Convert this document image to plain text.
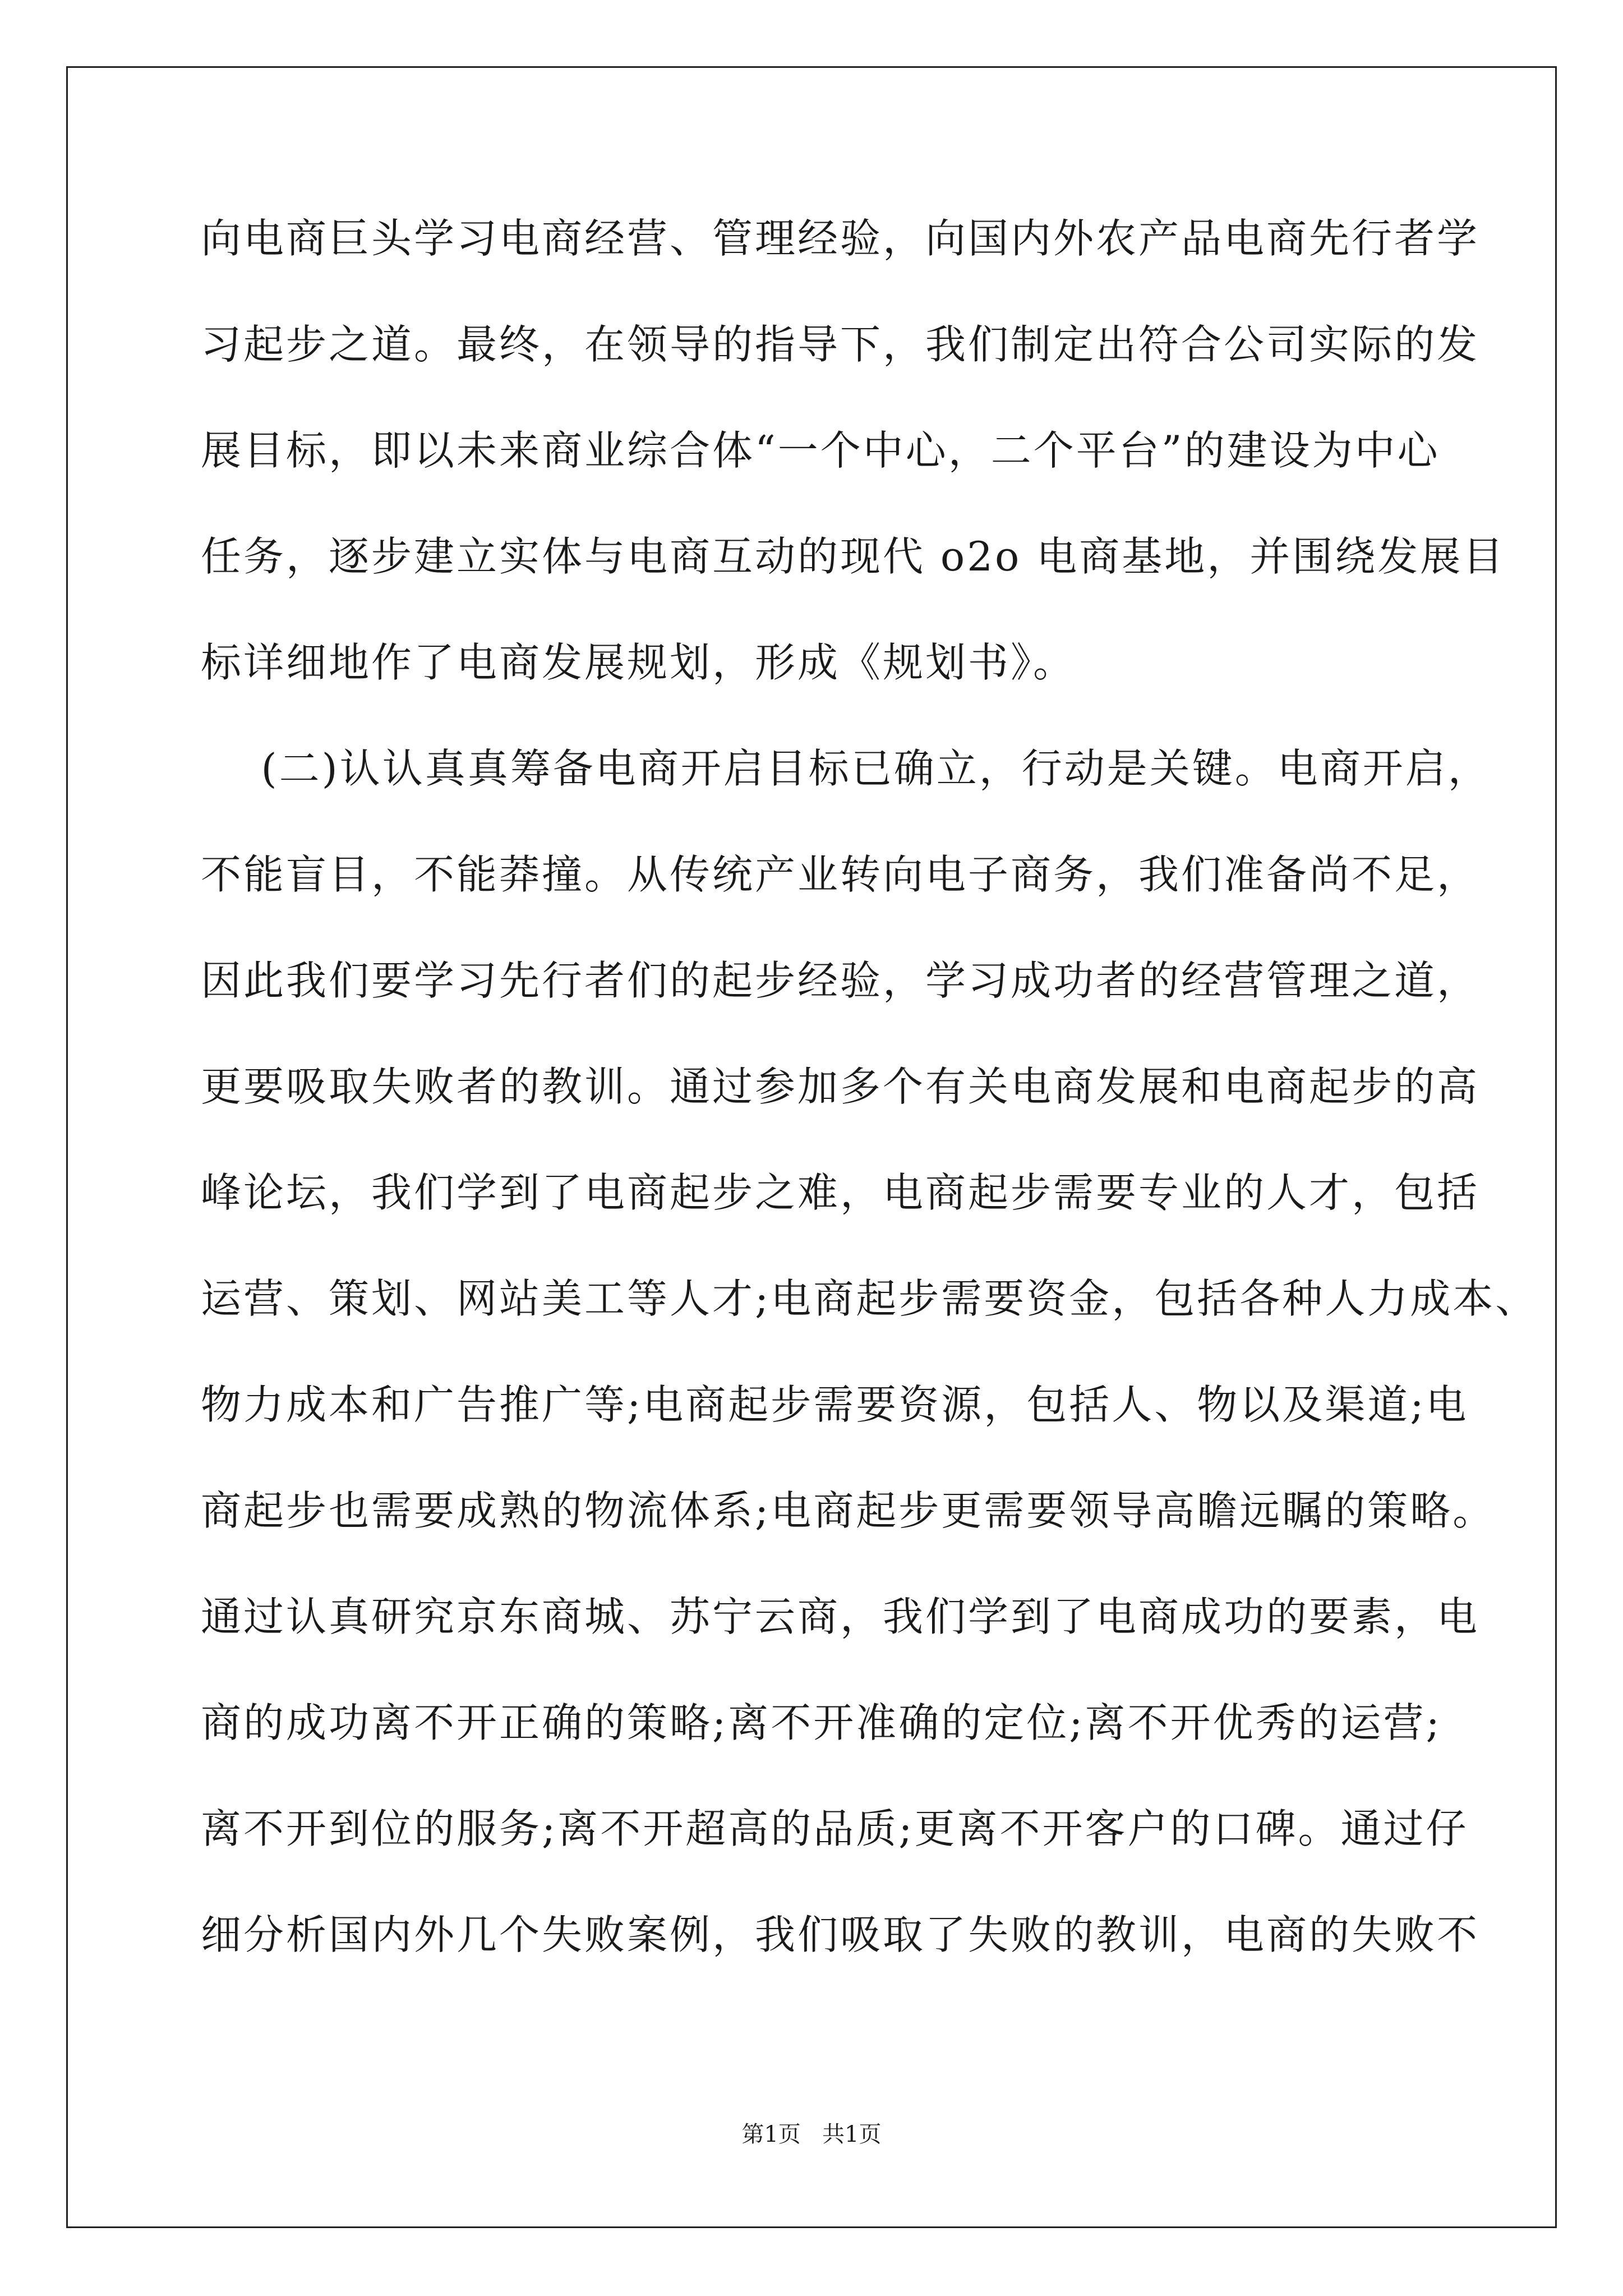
向电商巨头学习电商经营、管理经验，向国内外农产品电商先行者学
习起步之道。最终，在领导的指导下，我们制定出符合公司实际的发
展目标，即以未来商业综合体“一个中心，二个平台”的建设为中心
任务，逐步建立实体与电商互动的现代 o2o 电商基地，并围绕发展目
标详细地作了电商发展规划，形成《规划书》。
(二)认认真真筹备电商开启目标已确立，行动是关键。电商开启，
不能盲目，不能莽撞。从传统产业转向电子商务，我们准备尚不足，
因此我们要学习先行者们的起步经验，学习成功者的经营管理之道，
更要吸取失败者的教训。通过参加多个有关电商发展和电商起步的高
峰论坛，我们学到了电商起步之难，电商起步需要专业的人才，包括
运营、策划、网站美工等人才;电商起步需要资金，包括各种人力成本、
物力成本和广告推广等;电商起步需要资源，包括人、物以及渠道;电
商起步也需要成熟的物流体系;电商起步更需要领导高瞻远瞩的策略。
通过认真研究京东商城、苏宁云商，我们学到了电商成功的要素，电
商的成功离不开正确的策略;离不开准确的定位;离不开优秀的运营;
离不开到位的服务;离不开超高的品质;更离不开客户的口碑。通过仔
细分析国内外几个失败案例，我们吸取了失败的教训，电商的失败不
第1页   共1页
